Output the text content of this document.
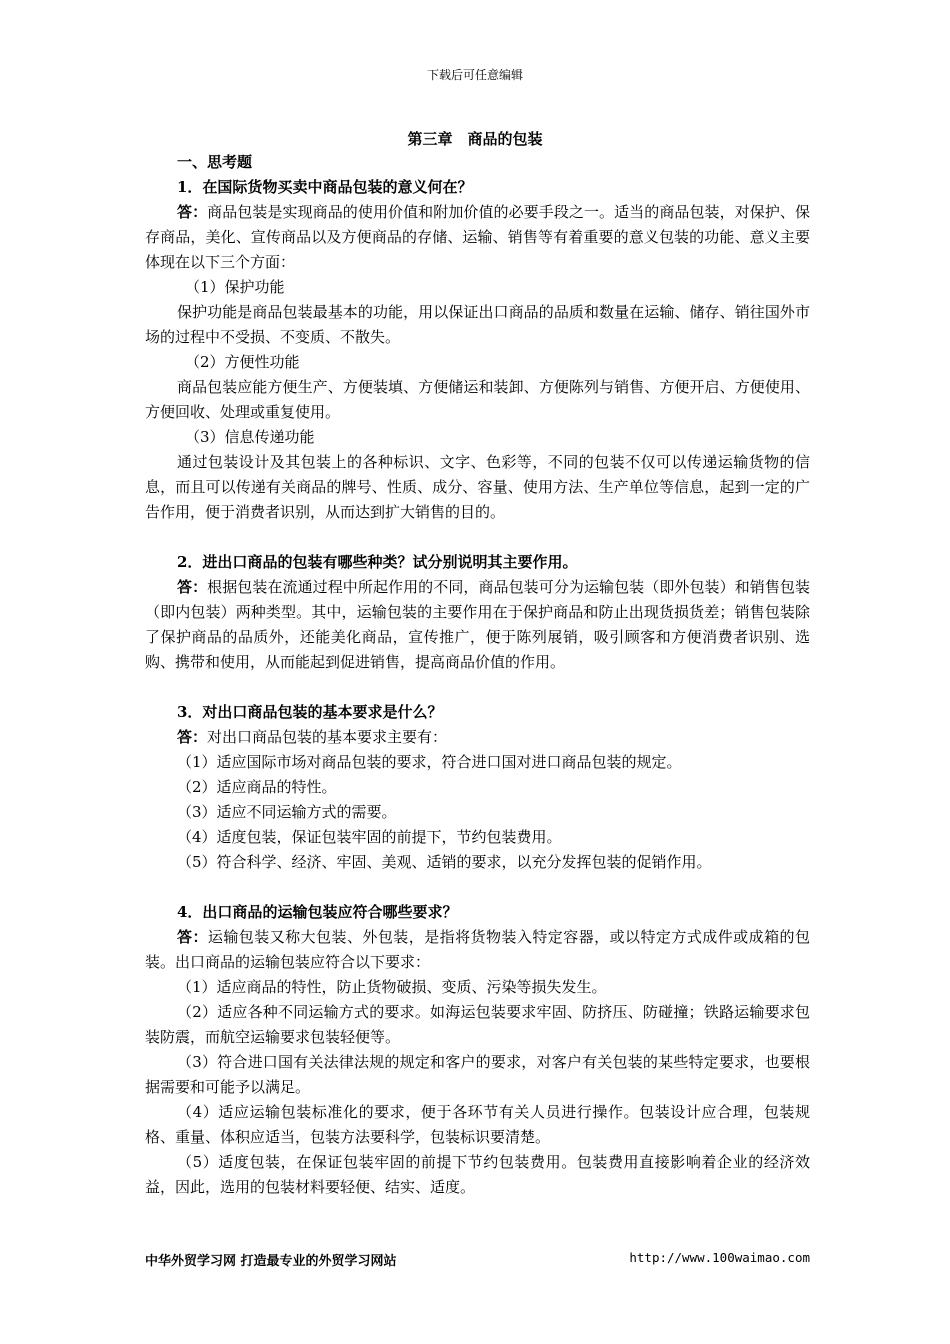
下载后可任意编辑
第三章　商品的包装

一、思考题

1．在国际货物买卖中商品包装的意义何在？

答：商品包装是实现商品的使用价值和附加价值的必要手段之一。适当的商品包装，对保护、保存商品，美化、宣传商品以及方便商品的存储、运输、销售等有着重要的意义包装的功能、意义主要体现在以下三个方面：

（1）保护功能

保护功能是商品包装最基本的功能，用以保证出口商品的品质和数量在运输、储存、销往国外市场的过程中不受损、不变质、不散失。

（2）方便性功能

商品包装应能方便生产、方便装填、方便储运和装卸、方便陈列与销售、方便开启、方便使用、方便回收、处理或重复使用。

（3）信息传递功能

通过包装设计及其包装上的各种标识、文字、色彩等，不同的包装不仅可以传递运输货物的信息，而且可以传递有关商品的牌号、性质、成分、容量、使用方法、生产单位等信息，起到一定的广告作用，便于消费者识别，从而达到扩大销售的目的。

2．进出口商品的包装有哪些种类？试分别说明其主要作用。

答：根据包装在流通过程中所起作用的不同，商品包装可分为运输包装（即外包装）和销售包装（即内包装）两种类型。其中，运输包装的主要作用在于保护商品和防止出现货损货差；销售包装除了保护商品的品质外，还能美化商品，宣传推广，便于陈列展销，吸引顾客和方便消费者识别、选购、携带和使用，从而能起到促进销售，提高商品价值的作用。

3．对出口商品包装的基本要求是什么？

答：对出口商品包装的基本要求主要有：

（1）适应国际市场对商品包装的要求，符合进口国对进口商品包装的规定。

（2）适应商品的特性。

（3）适应不同运输方式的需要。

（4）适度包装，保证包装牢固的前提下，节约包装费用。

（5）符合科学、经济、牢固、美观、适销的要求，以充分发挥包装的促销作用。

4．出口商品的运输包装应符合哪些要求？

答：运输包装又称大包装、外包装，是指将货物装入特定容器，或以特定方式成件或成箱的包装。出口商品的运输包装应符合以下要求：

（1）适应商品的特性，防止货物破损、变质、污染等损失发生。

（2）适应各种不同运输方式的要求。如海运包装要求牢固、防挤压、防碰撞；铁路运输要求包装防震，而航空运输要求包装轻便等。

（3）符合进口国有关法律法规的规定和客户的要求，对客户有关包装的某些特定要求，也要根据需要和可能予以满足。

（4）适应运输包装标准化的要求，便于各环节有关人员进行操作。包装设计应合理，包装规格、重量、体积应适当，包装方法要科学，包装标识要清楚。

（5）适度包装，在保证包装牢固的前提下节约包装费用。包装费用直接影响着企业的经济效益，因此，选用的包装材料要轻便、结实、适度。

中华外贸学习网 打造最专业的外贸学习网站	http://www.100waimao.com
